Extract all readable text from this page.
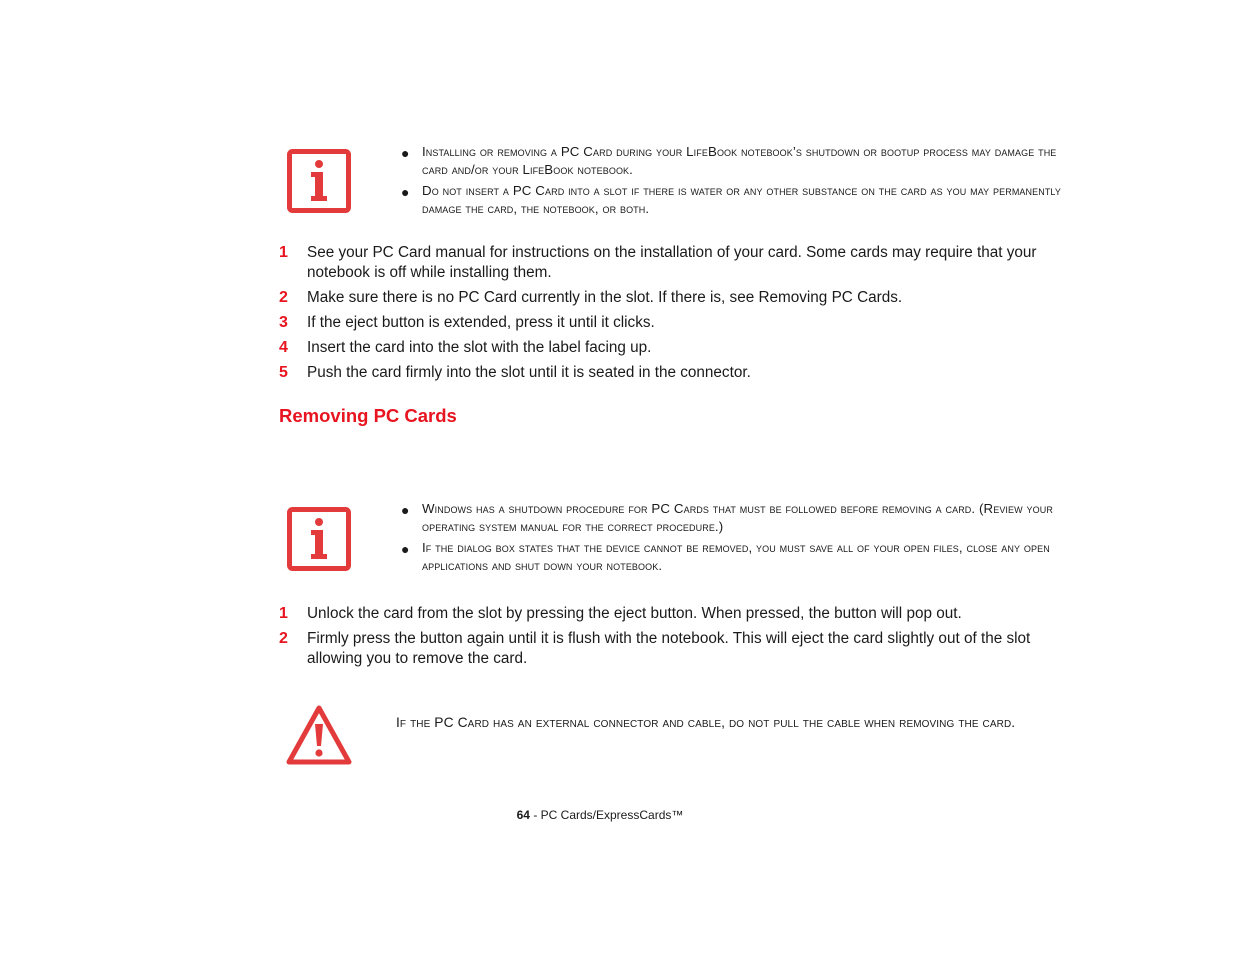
● Installing or removing a PC Card during your LifeBook notebook’s shutdown or bootup process may damage the card and/or your LifeBook notebook.
● Do not insert a PC Card into a slot if there is water or any other substance on the card as you may permanently damage the card, the notebook, or both.
1 See your PC Card manual for instructions on the installation of your card. Some cards may require that your notebook is off while installing them.
2 Make sure there is no PC Card currently in the slot. If there is, see Removing PC Cards.
3 If the eject button is extended, press it until it clicks.
4 Insert the card into the slot with the label facing up.
5 Push the card firmly into the slot until it is seated in the connector.
Removing PC Cards
● Windows has a shutdown procedure for PC Cards that must be followed before removing a card. (Review your operating system manual for the correct procedure.)
● If the dialog box states that the device cannot be removed, you must save all of your open files, close any open applications and shut down your notebook.
1 Unlock the card from the slot by pressing the eject button. When pressed, the button will pop out.
2 Firmly press the button again until it is flush with the notebook. This will eject the card slightly out of the slot allowing you to remove the card.
If the PC Card has an external connector and cable, do not pull the cable when removing the card.
64 - PC Cards/ExpressCards™
